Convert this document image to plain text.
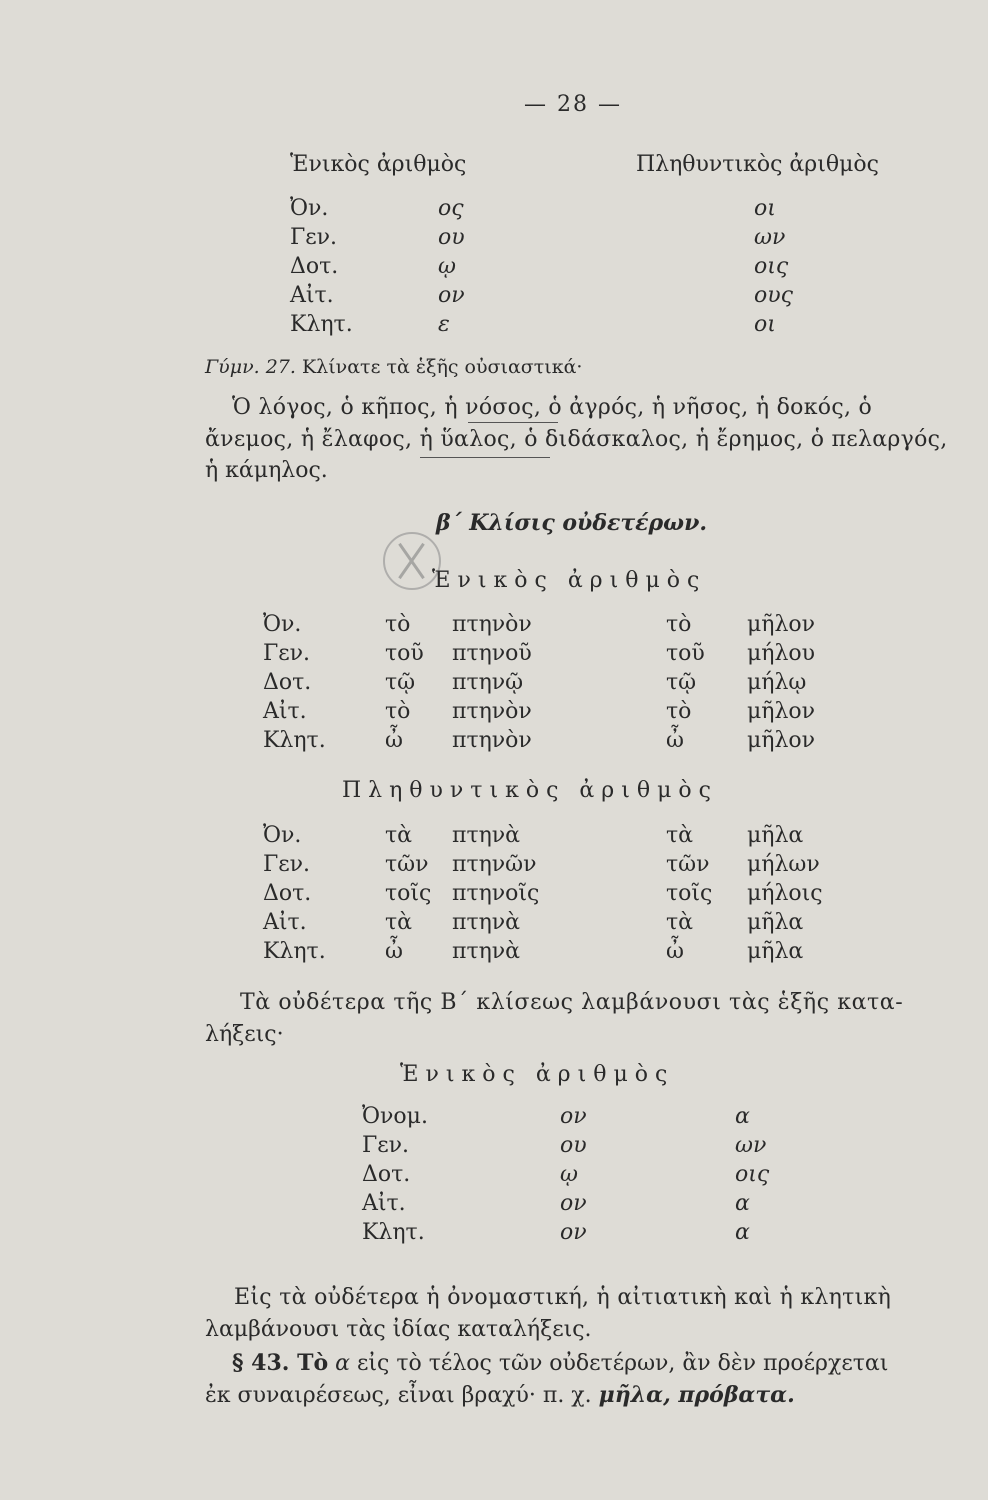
— 28 —
Ἑνικὸς ἀριθμὸς	Πληθυντικὸς ἀριθμὸς
Ὀν.	ος	οι
Γεν.	ου	ων
Δοτ.	ῳ	οις
Αἰτ.	ον	ους
Κλητ.	ε	οι
Γύμν. 27. Κλίνατε τὰ ἑξῆς οὐσιαστικά·
Ὁ λόγος, ὁ κῆπος, ἡ νόσος, ὁ ἀγρός, ἡ νῆσος, ἡ δοκός, ὁ
ἄνεμος, ἡ ἔλαφος, ἡ ὕαλος, ὁ διδάσκαλος, ἡ ἔρημος, ὁ πελαργός,
ἡ κάμηλος.
β΄ Κλίσις οὐδετέρων.
Ἑνικὸς ἀριθμὸς
Ὀν.	τὸ πτηνὸν	τὸ	μῆλον
Γεν.	τοῦ πτηνοῦ	τοῦ μήλου
Δοτ.	τῷ πτηνῷ	τῷ μήλῳ
Αἰτ.	τὸ πτηνὸν	τὸ	μῆλον
Κλητ.	ὦ πτηνὸν	ὦ	μῆλον
Πληθυντικὸς ἀριθμὸς
Ὀν.	τὰ πτηνὰ	τὰ μῆλα
Γεν.	τῶν πτηνῶν	τῶν μήλων
Δοτ.	τοῖς πτηνοῖς	τοῖς μήλοις
Αἰτ.	τὰ πτηνὰ	τὰ μῆλα
Κλητ.	ὦ πτηνὰ	ὦ	μῆλα
Τὰ οὐδέτερα τῆς Β΄ κλίσεως λαμβάνουσι τὰς ἑξῆς κατα-
λήξεις·
Ἑνικὸς ἀριθμὸς
Ὀνομ.	ον	α
Γεν.	ου	ων
Δοτ.	ῳ	οις
Αἰτ.	ον	α
Κλητ.	ον	α
Εἰς τὰ οὐδέτερα ἡ ὀνομαστική, ἡ αἰτιατικὴ καὶ ἡ κλητικὴ
λαμβάνουσι τὰς ἰδίας καταλήξεις.
§ 43. Τὸ α εἰς τὸ τέλος τῶν οὐδετέρων, ἂν δὲν προέρχεται
ἐκ συναιρέσεως, εἶναι βραχύ· π. χ. μῆλα, πρόβατα.
